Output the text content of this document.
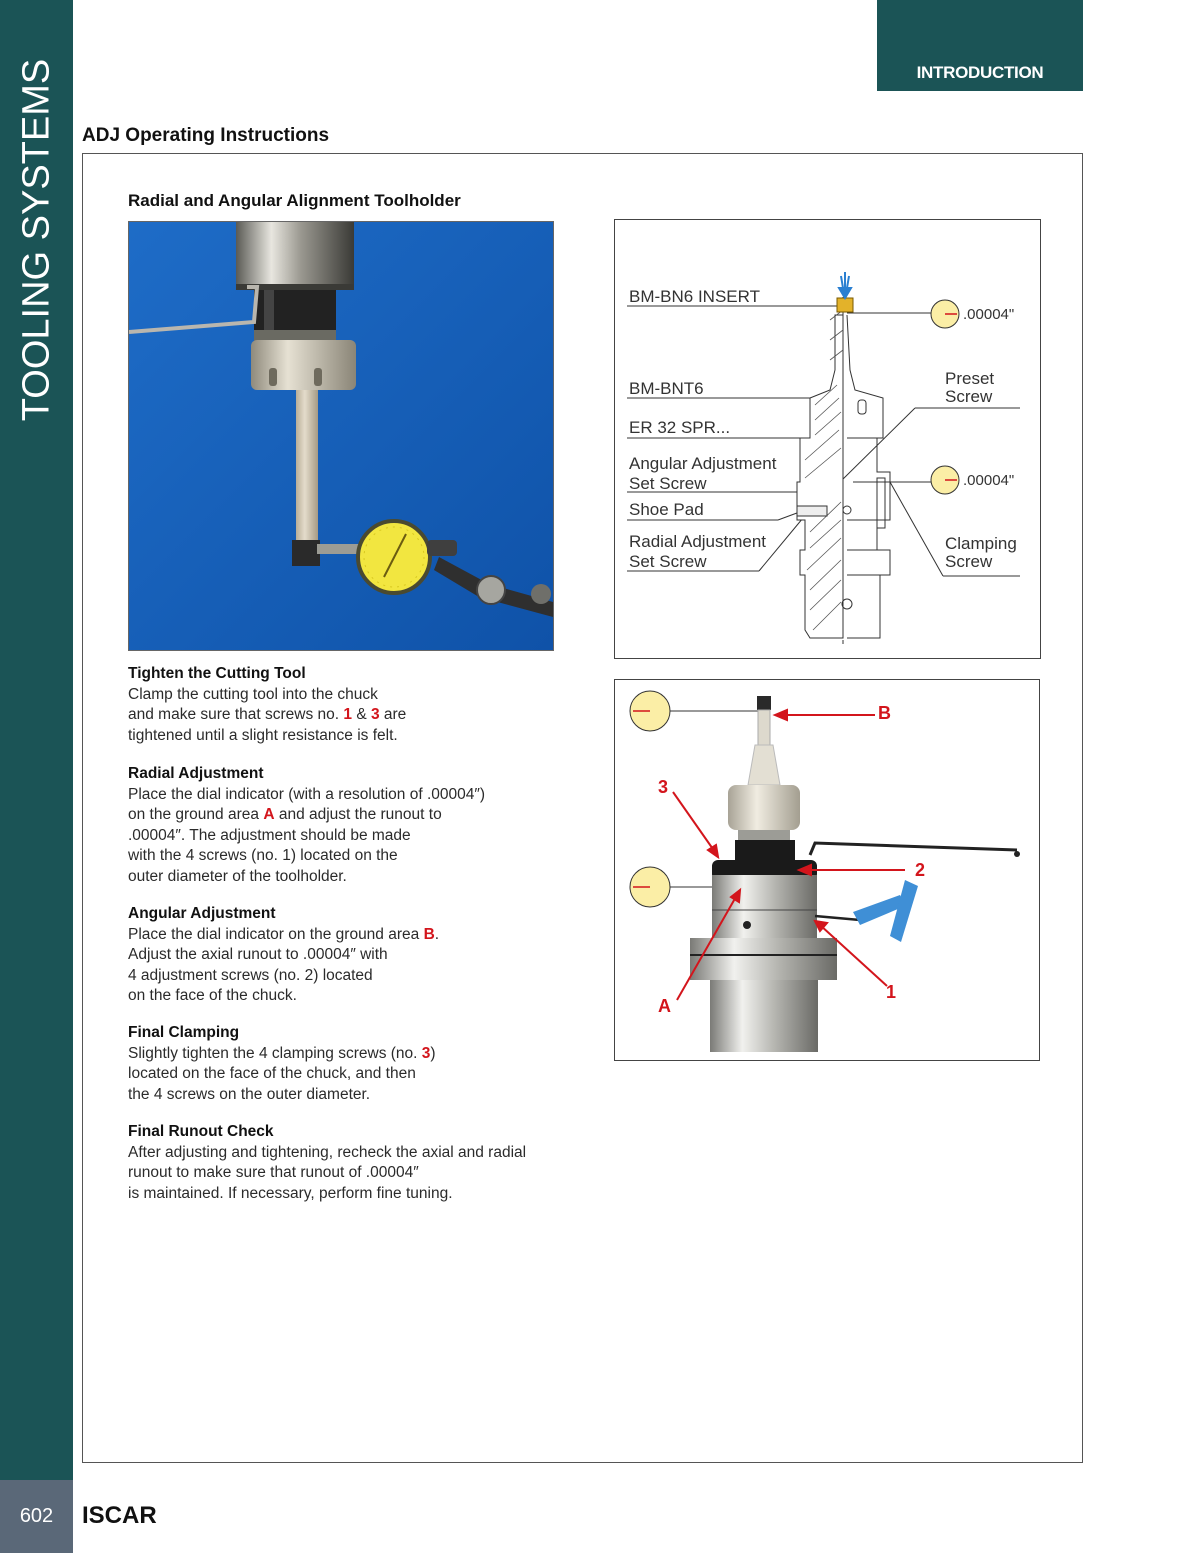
TOOLING SYSTEMS
602	ISCAR
INTRODUCTION
ADJ Operating Instructions
Radial and Angular Alignment Toolholder
Tighten the Cutting Tool

Clamp the cutting tool into the chuck

and make sure that screws no. 1 & 3 are

tightened until a slight resistance is felt.

Radial Adjustment

Place the dial indicator (with a resolution of .00004″)

on the ground area A and adjust the runout to

.00004″. The adjustment should be made

with the 4 screws (no. 1) located on the

outer diameter of the toolholder.

Angular Adjustment

Place the dial indicator on the ground area B.

Adjust the axial runout to .00004″ with

4 adjustment screws (no. 2) located

on the face of the chuck.

Final Clamping

Slightly tighten the 4 clamping screws (no. 3)

located on the face of the chuck, and then

the 4 screws on the outer diameter.

Final Runout Check

After adjusting and tightening, recheck the axial and radial

runout to make sure that runout of .00004″

is maintained. If necessary, perform fine tuning.

BM-BN6 INSERT
.00004"
BM-BNT6
Preset
Screw
ER 32 SPR...
Angular Adjustment
Set Screw	.00004"
Shoe Pad
Radial Adjustment
Set Screw
Clamping
Screw
B
3
2
1
A
